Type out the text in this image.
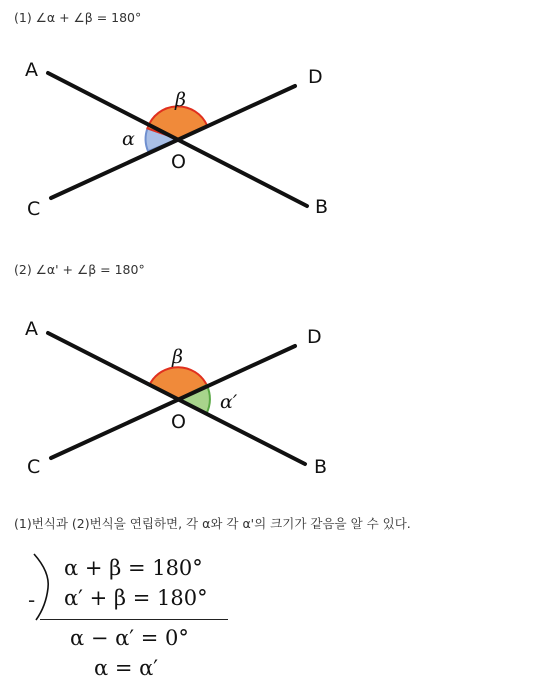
(1) ∠α + ∠β = 180°
A	D
C	B
O
β
α
(2) ∠α' + ∠β = 180°
A	D
C	B
O
β
α′
(1)번식과 (2)번식을 연립하면, 각 α와 각 α'의 크기가 같음을 알 수 있다.
-
α + β = 180°
α′ + β = 180°
α − α′ = 0°
α = α′
